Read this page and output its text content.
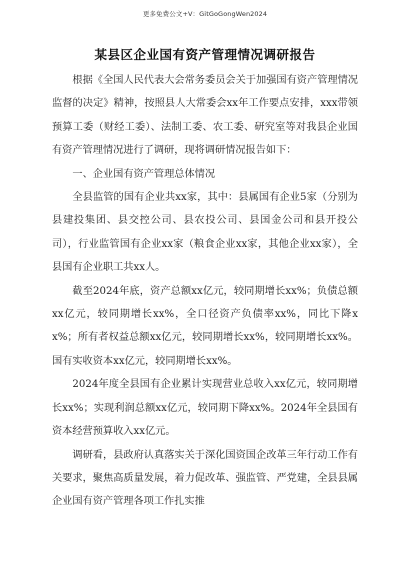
更多免费公文+V：GitGoGongWen2024
某县区企业国有资产管理情况调研报告

根据《全国人民代表大会常务委员会关于加强国有资产管理情况监督的决定》精神，按照县人大常委会xx年工作要点安排，xxx带领预算工委（财经工委）、法制工委、农工委、研究室等对我县企业国有资产管理情况进行了调研，现将调研情况报告如下：

一、企业国有资产管理总体情况

全县监管的国有企业共xx家，其中：县属国有企业5家（分别为县建投集团、县交控公司、县农投公司、县国金公司和县开投公司），行业监管国有企业xx家（粮食企业xx家，其他企业xx家），全县国有企业职工共xx人。

截至2024年底，资产总额xx亿元，较同期增长xx%；负债总额xx亿元，较同期增长xx%，全口径资产负债率xx%，同比下降xx%；所有者权益总额xx亿元，较同期增长xx%，较同期增长xx%。国有实收资本xx亿元，较同期增长xx%。

2024年度全县国有企业累计实现营业总收入xx亿元，较同期增长xx%；实现利润总额xx亿元，较同期下降xx%。2024年全县国有资本经营预算收入xx亿元。

调研看，县政府认真落实关于深化国资国企改革三年行动工作有关要求，聚焦高质量发展，着力促改革、强监管、严党建，全县县属企业国有资产管理各项工作扎实推
